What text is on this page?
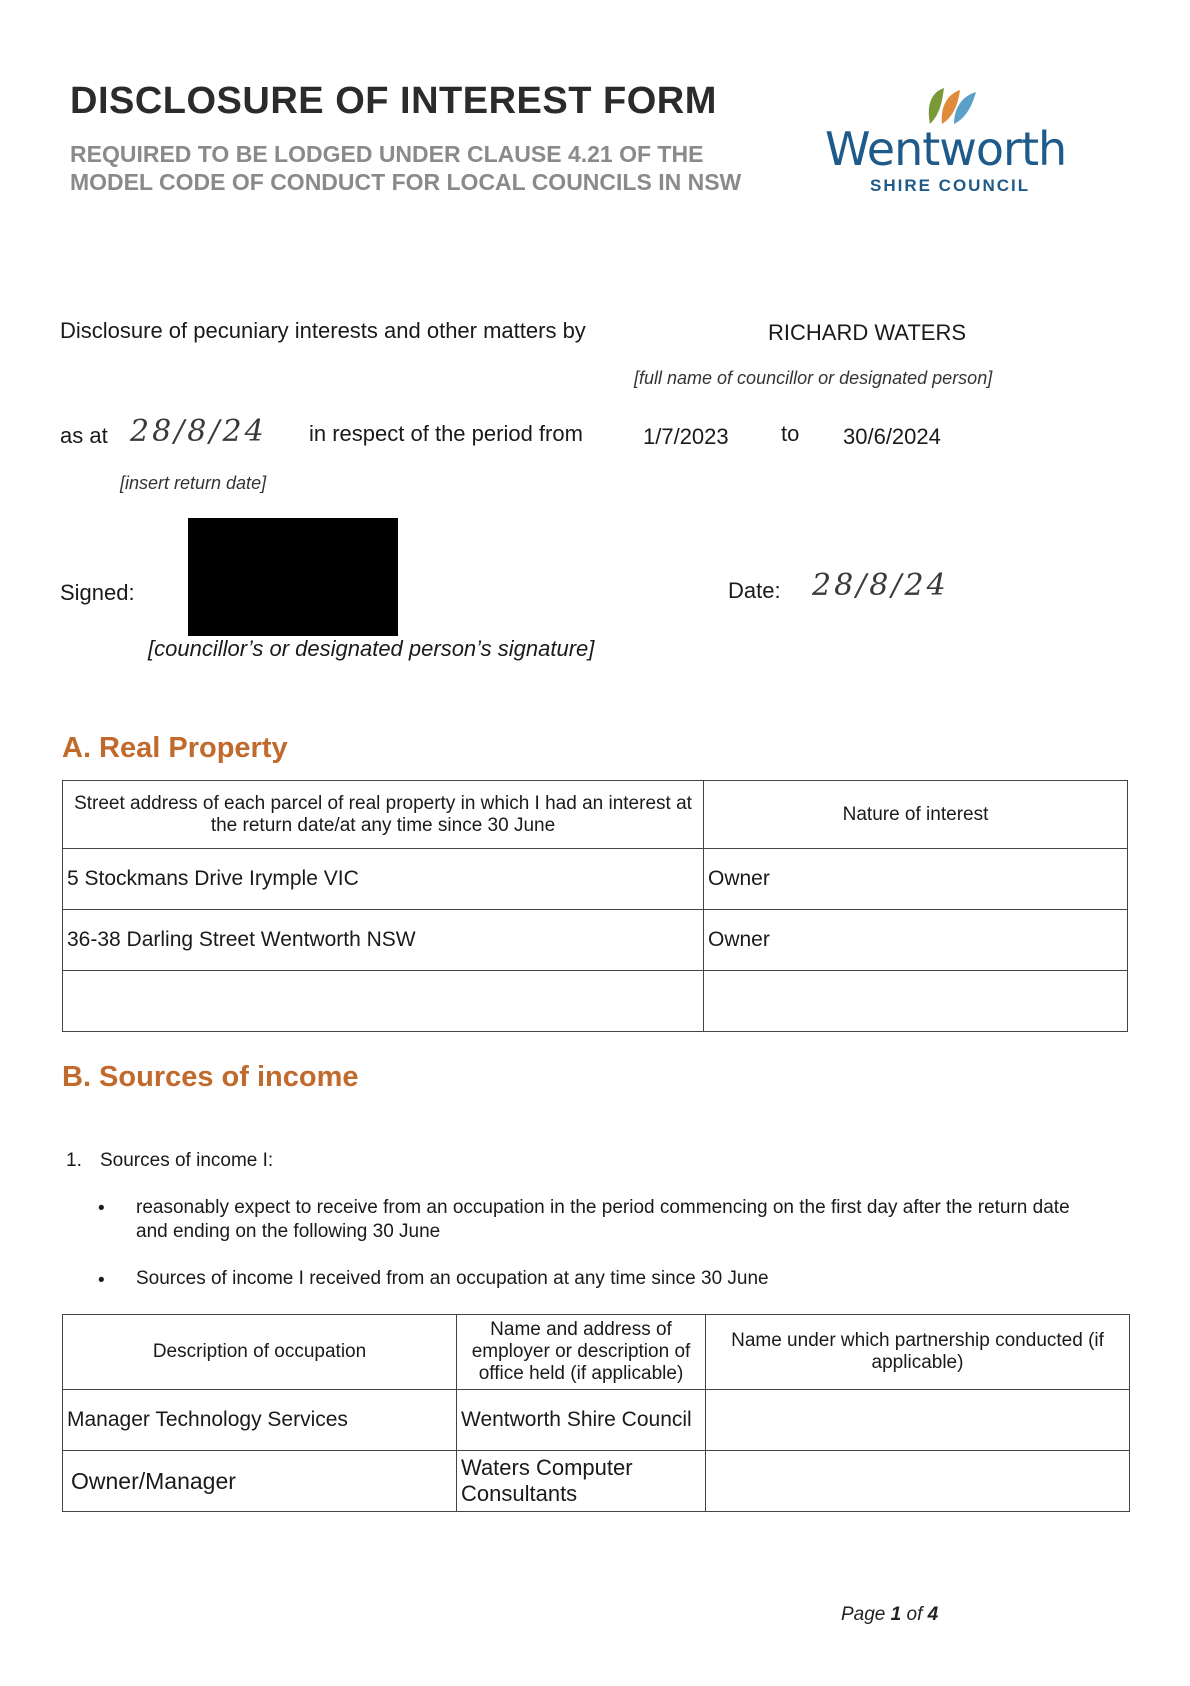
DISCLOSURE OF INTEREST FORM
REQUIRED TO BE LODGED UNDER CLAUSE 4.21 OF THE MODEL CODE OF CONDUCT FOR LOCAL COUNCILS IN NSW
Wentworth
SHIRE COUNCIL
Disclosure of pecuniary interests and other matters by	RICHARD WATERS
[full name of councillor or designated person]
as at 28/8/24 in respect of the period from	1/7/2023 to 30/6/2024
[insert return date]
Signed:
[councillor’s or designated person’s signature]
Date: 28/8/24
A. Real Property
Street address of each parcel of real property in which I had an interest at the return date/at any time since 30 June	Nature of interest
5 Stockmans Drive Irymple VIC	Owner
36-38 Darling Street Wentworth NSW	Owner

B. Sources of income
1. Sources of income I:
• reasonably expect to receive from an occupation in the period commencing on the first day after the return date and ending on the following 30 June
• Sources of income I received from an occupation at any time since 30 June
Description of occupation	Name and address of employer or description of office held (if applicable)	Name under which partnership conducted (if applicable)
Manager Technology Services	Wentworth Shire Council	
Owner/Manager	Waters Computer Consultants	
Page 1 of 4
